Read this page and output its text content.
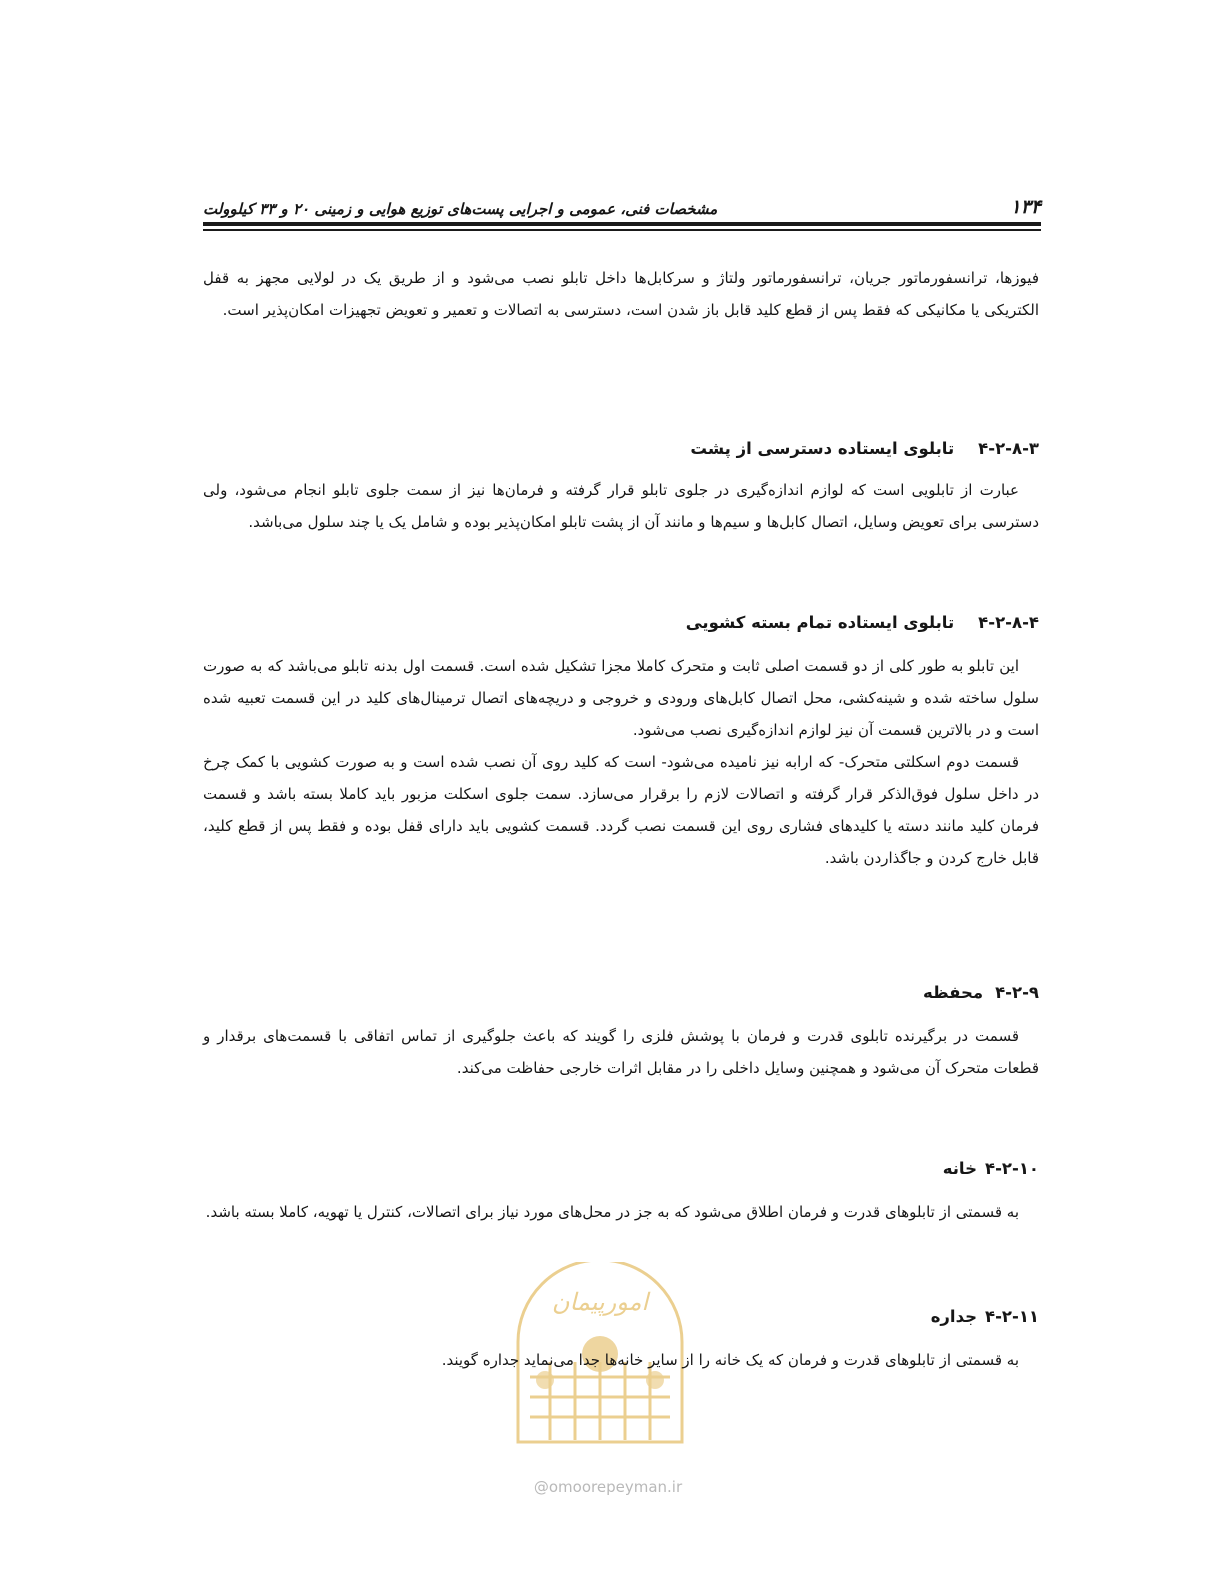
۱۳۴
مشخصات فنی، عمومی و اجرایی پست‌های توزیع هوایی و زمینی ۲۰ و ۳۳ کیلوولت

فیوزها، ترانسفورماتور جریان، ترانسفورماتور ولتاژ و سرکابل‌ها داخل تابلو نصب می‌شود و از طریق یک در لولایی مجهز به قفل الکتریکی یا مکانیکی که فقط پس از قطع کلید قابل باز شدن است، دسترسی به اتصالات و تعمیر و تعویض تجهیزات امکان‌پذیر است.

۴-۲-۸-۳
تابلوی ایستاده دسترسی از پشت

عبارت از تابلویی است که لوازم اندازه‌گیری در جلوی تابلو قرار گرفته و فرمان‌ها نیز از سمت جلوی تابلو انجام می‌شود، ولی دسترسی برای تعویض وسایل، اتصال کابل‌ها و سیم‌ها و مانند آن از پشت تابلو امکان‌پذیر بوده و شامل یک یا چند سلول می‌باشد.

۴-۲-۸-۴
تابلوی ایستاده تمام بسته کشویی

این تابلو به طور کلی از دو قسمت اصلی ثابت و متحرک کاملا مجزا تشکیل شده است. قسمت اول بدنه تابلو می‌باشد که به صورت سلول ساخته شده و شینه‌کشی، محل اتصال کابل‌های ورودی و خروجی و دریچه‌های اتصال ترمینال‌های کلید در این قسمت تعبیه شده است و در بالاترین قسمت آن نیز لوازم اندازه‌گیری نصب می‌شود.

قسمت دوم اسکلتی متحرک- که ارابه نیز نامیده می‌شود- است که کلید روی آن نصب شده است و به صورت کشویی با کمک چرخ در داخل سلول فوق‌الذکر قرار گرفته و اتصالات لازم را برقرار می‌سازد. سمت جلوی اسکلت مزبور باید کاملا بسته باشد و قسمت فرمان کلید مانند دسته یا کلیدهای فشاری روی این قسمت نصب گردد. قسمت کشویی باید دارای قفل بوده و فقط پس از قطع کلید، قابل خارج کردن و جاگذاردن باشد.

۴-۲-۹
محفظه

قسمت در برگیرنده تابلوی قدرت و فرمان با پوشش فلزی را گویند که باعث جلوگیری از تماس اتفاقی با قسمت‌های برقدار و قطعات متحرک آن می‌شود و همچنین وسایل داخلی را در مقابل اثرات خارجی حفاظت می‌کند.

۴-۲-۱۰
خانه

به قسمتی از تابلوهای قدرت و فرمان اطلاق می‌شود که به جز در محل‌های مورد نیاز برای اتصالات، کنترل یا تهویه، کاملا بسته باشد.

امورپیمان
۴-۲-۱۱
جداره

به قسمتی از تابلوهای قدرت و فرمان که یک خانه را از سایر خانه‌ها جدا می‌نماید جداره گویند.

@omoorepeyman.ir
